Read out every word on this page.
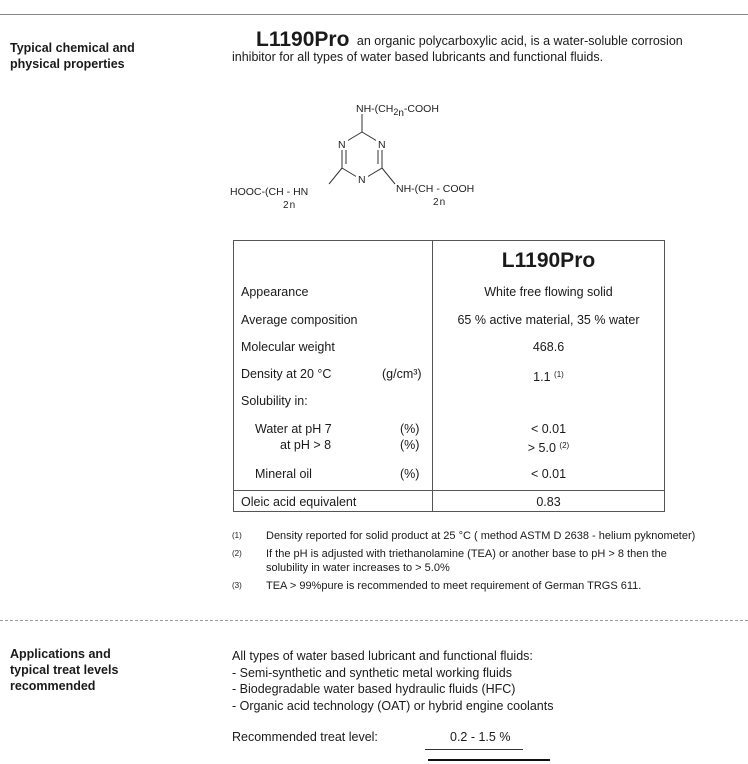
Typical chemical and
physical properties
L1190Pro an organic polycarboxylic acid, is a water-soluble corrosion
inhibitor for all types of water based lubricants and functional fluids.
N
N
N
NH-(CH2n-COOH
HOOC-(CH - HN
2n
NH-(CH - COOH
2n
L1190Pro
Appearance	White free flowing solid
Average composition	65 % active material, 35 % water
Molecular weight	468.6
Density at 20 °C	(g/cm³)	1.1 $^{(1)}$
Solubility in:
Water at pH 7	(%)	< 0.01
at pH > 8	(%)	> 5.0 $^{(2)}$
Mineral oil	(%)	< 0.01
Oleic acid equivalent	0.83
(1)	Density reported for solid product at 25 °C ( method ASTM D 2638 - helium pyknometer)
(2)	If the pH is adjusted with triethanolamine (TEA) or another base to pH > 8 then the solubility in water increases to > 5.0%
(3)	TEA > 99%pure is recommended to meet requirement of German TRGS 611.
Applications and
typical treat levels
recommended
All types of water based lubricant and functional fluids:
- Semi-synthetic and synthetic metal working fluids
- Biodegradable water based hydraulic fluids (HFC)
- Organic acid technology (OAT) or hybrid engine coolants
Recommended treat level:	0.2 - 1.5 %
